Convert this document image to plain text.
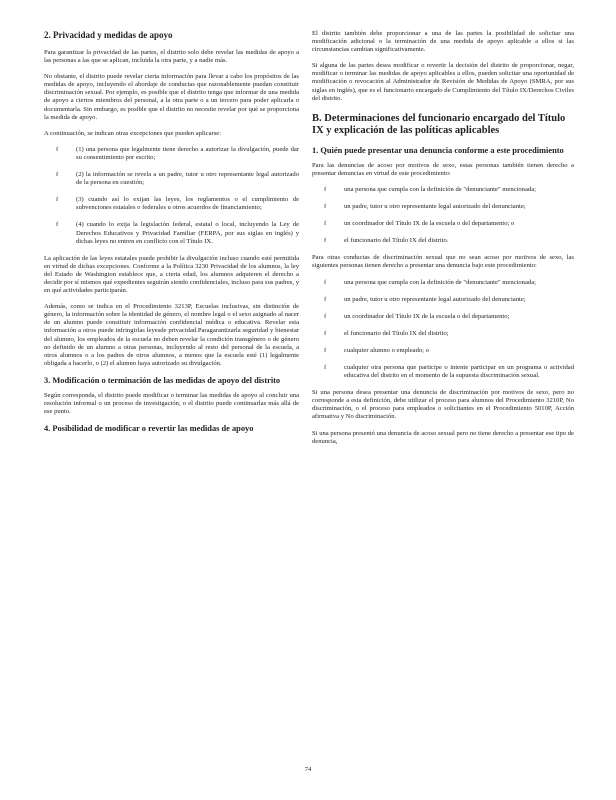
2. Privacidad y medidas de apoyo

Para garantizar la privacidad de las partes, el distrito solo debe revelar las medidas de apoyo a las personas a las que se aplican, incluida la otra parte, y a nadie más.

No obstante, el distrito puede revelar cierta información para llevar a cabo los propósitos de las medidas de apoyo, incluyendo el abordaje de conductas que razonablemente puedan constituir discriminación sexual. Por ejemplo, es posible que el distrito tenga que informar de una medida de apoyo a ciertos miembros del personal, a la otra parte o a un tercero para poder aplicarla o documentarla. Sin embargo, es posible que el distrito no necesite revelar por qué se proporciona la medida de apoyo.

A continuación, se indican otras excepciones que pueden aplicarse:

f	(1) una persona que legalmente tiene derecho a autorizar la divulgación, puede dar su consentimiento por escrito;
f	(2) la información se revela a un padre, tutor u otro representante legal autorizado de la persona en cuestión;
f	(3) cuando así lo exijan las leyes, los reglamentos o el cumplimiento de subvenciones estatales o federales u otros acuerdos de financiamiento;
f	(4) cuando lo exija la legislación federal, estatal o local, incluyendo la Ley de Derechos Educativos y Privacidad Familiar (FERPA, por sus siglas en inglés) y dichas leyes no entren en conflicto con el Título IX.

La aplicación de las leyes estatales puede prohibir la divulgación incluso cuando esté permitida en virtud de dichas excepciones. Conforme a la Política 3230 Privacidad de los alumnos, la ley del Estado de Washington establece que, a cierta edad, los alumnos adquieren el derecho a decidir por sí mismos qué expedientes seguirán siendo confidenciales, incluso para sus padres, y en qué actividades participarán.

Además, como se indica en el Procedimiento 3213P, Escuelas inclusivas, sin distinción de género, la información sobre la identidad de género, el nombre legal o el sexo asignado al nacer de un alumno puede constituir información confidencial médica o educativa. Revelar esta información a otros puede infringirlas leyesde privacidad.Paragarantizarla seguridad y bienestar del alumno, los empleados de la escuela no deben revelar la condición transgénero o de género no definido de un alumno a otras personas, incluyendo al resto del personal de la escuela, a otros alumnos o a los padres de otros alumnos, a menos que la escuela esté (1) legalmente obligada a hacerlo, o (2) el alumno haya autorizado su divulgación.

3. Modificación o terminación de las medidas de apoyo del distrito

Según corresponda, el distrito puede modificar o terminar las medidas de apoyo al concluir una resolución informal o un proceso de investigación, o el distrito puede continuarlas más allá de ese punto.

4. Posibilidad de modificar o revertir las medidas de apoyo

El distrito también debe proporcionar a una de las partes la posibilidad de solicitar una modificación adicional o la terminación de una medida de apoyo aplicable a ellos si las circunstancias cambian significativamente.

Si alguna de las partes desea modificar o revertir la decisión del distrito de proporcionar, negar, modificar o terminar las medidas de apoyo aplicables a ellos, pueden solicitar una oportunidad de modificación o revocación al Administrador de Revisión de Medidas de Apoyo (SMRA, por sus siglas en inglés), que es el funcionario encargado de Cumplimiento del Título IX/Derechos Civiles del distrito.

B. Determinaciones del funcionario encargado del Título IX y explicación de las políticas aplicables
1. Quién puede presentar una denuncia conforme a este procedimiento

Para las denuncias de acoso por motivos de sexo, estas personas también tienen derecho a presentar denuncias en virtud de este procedimiento:

f	una persona que cumpla con la definición de "denunciante" mencionada;
f	un padre, tutor u otro representante legal autorizado del denunciante;
f	un coordinador del Título IX de la escuela o del departamento; o
f	el funcionario del Título IX del distrito.

Para otras conductas de discriminación sexual que no sean acoso por motivos de sexo, las siguientes personas tienen derecho a presentar una denuncia bajo este procedimiento:

f	una persona que cumpla con la definición de "denunciante" mencionada;
f	un padre, tutor u otro representante legal autorizado del denunciante;
f	un coordinador del Título IX de la escuela o del departamento;
f	el funcionario del Título IX del distrito;
f	cualquier alumno o empleado; o
f	cualquier otra persona que participe o intente participar en un programa o actividad educativa del distrito en el momento de la supuesta discriminación sexual.

Si una persona desea presentar una denuncia de discriminación por motivos de sexo, pero no corresponde a esta definición, debe utilizar el proceso para alumnos del Procedimiento 3210P, No discriminación, o el proceso para empleados o solicitantes en el Procedimiento 5010P, Acción afirmativa y No discriminación.

Si una persona presentó una denuncia de acoso sexual pero no tiene derecho a presentar ese tipo de denuncia,

74
